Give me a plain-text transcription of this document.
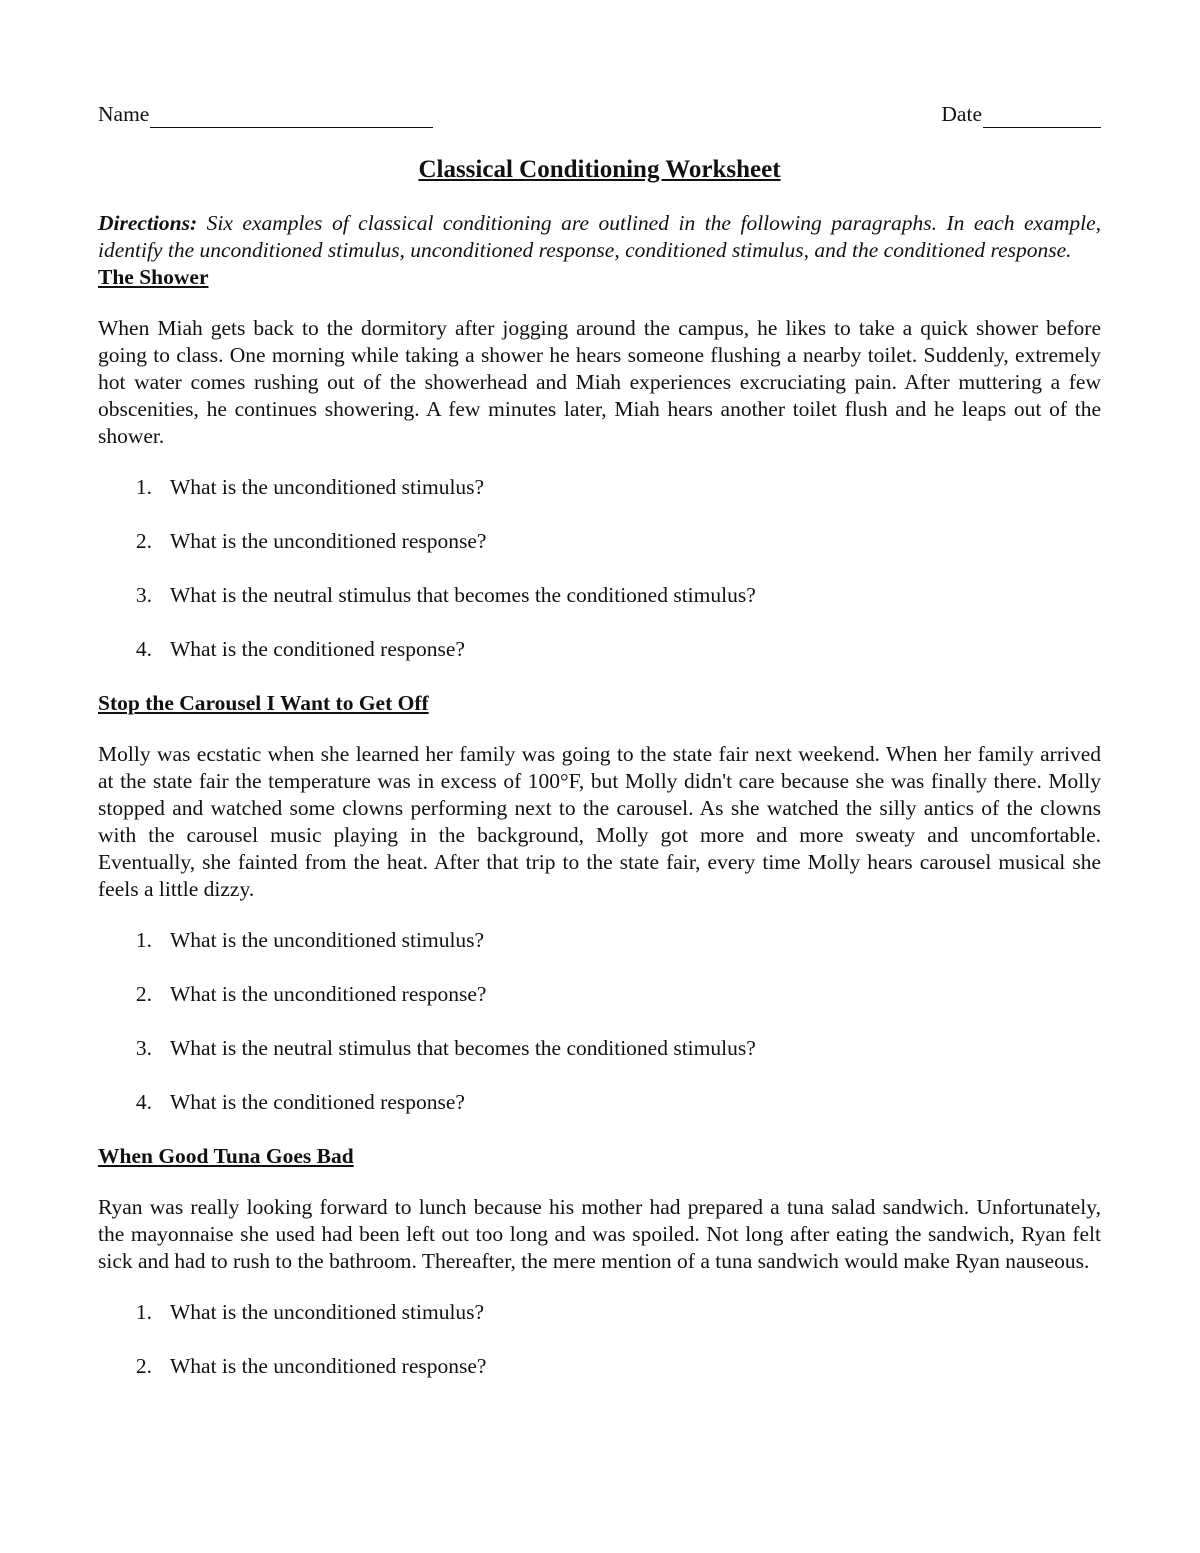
Name	Date
Classical Conditioning Worksheet
Directions: Six examples of classical conditioning are outlined in the following paragraphs. In each example, identify the unconditioned stimulus, unconditioned response, conditioned stimulus, and the conditioned response.

The Shower

When Miah gets back to the dormitory after jogging around the campus, he likes to take a quick shower before going to class. One morning while taking a shower he hears someone flushing a nearby toilet. Suddenly, extremely hot water comes rushing out of the showerhead and Miah experiences excruciating pain. After muttering a few obscenities, he continues showering. A few minutes later, Miah hears another toilet flush and he leaps out of the shower.
1. What is the unconditioned stimulus?
2. What is the unconditioned response?
3. What is the neutral stimulus that becomes the conditioned stimulus?
4. What is the conditioned response?

Stop the Carousel I Want to Get Off

Molly was ecstatic when she learned her family was going to the state fair next weekend. When her family arrived at the state fair the temperature was in excess of 100°F, but Molly didn't care because she was finally there. Molly stopped and watched some clowns performing next to the carousel. As she watched the silly antics of the clowns with the carousel music playing in the background, Molly got more and more sweaty and uncomfortable. Eventually, she fainted from the heat. After that trip to the state fair, every time Molly hears carousel musical she feels a little dizzy.
1. What is the unconditioned stimulus?
2. What is the unconditioned response?
3. What is the neutral stimulus that becomes the conditioned stimulus?
4. What is the conditioned response?

When Good Tuna Goes Bad

Ryan was really looking forward to lunch because his mother had prepared a tuna salad sandwich. Unfortunately, the mayonnaise she used had been left out too long and was spoiled. Not long after eating the sandwich, Ryan felt sick and had to rush to the bathroom. Thereafter, the mere mention of a tuna sandwich would make Ryan nauseous.
1. What is the unconditioned stimulus?
2. What is the unconditioned response?
